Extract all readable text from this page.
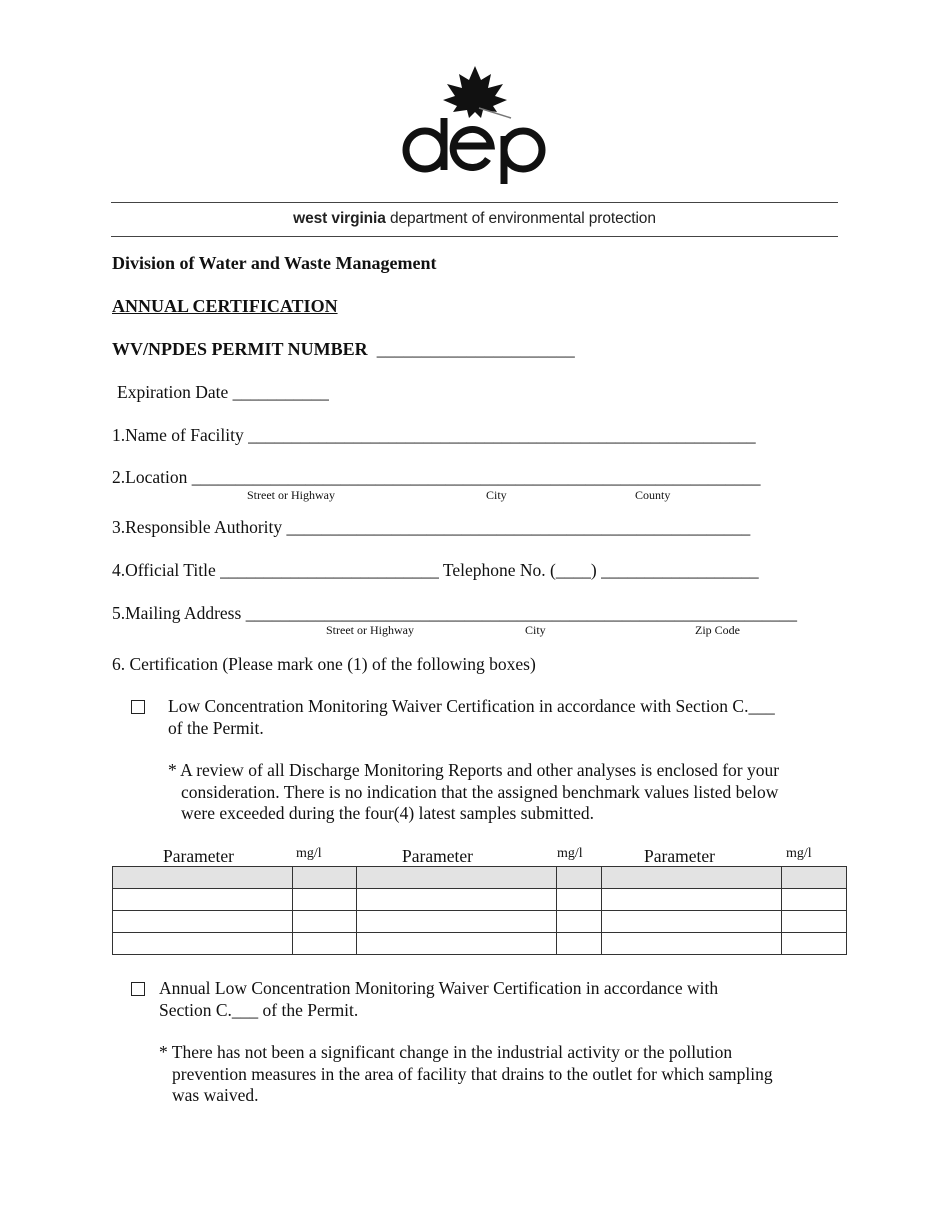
west virginia department of environmental protection
Division of Water and Waste Management
ANNUAL CERTIFICATION
WV/NPDES PERMIT NUMBER ______________________
Expiration Date ___________
1.Name of Facility __________________________________________________________
2.Location _________________________________________________________________
Street or Highway	City	County
3.Responsible Authority _____________________________________________________
4.Official Title _________________________ Telephone No. (____) __________________
5.Mailing Address _______________________________________________________________
Street or Highway	City	Zip Code
6. Certification (Please mark one (1) of the following boxes)
Low Concentration Monitoring Waiver Certification in accordance with Section C.___
of the Permit.
* A review of all Discharge Monitoring Reports and other analyses is enclosed for your
consideration. There is no indication that the assigned benchmark values listed below
were exceeded during the four(4) latest samples submitted.
Parameter	mg/l	Parameter	mg/l	Parameter	mg/l

Annual Low Concentration Monitoring Waiver Certification in accordance with
Section C.___ of the Permit.
* There has not been a significant change in the industrial activity or the pollution
prevention measures in the area of facility that drains to the outlet for which sampling
was waived.
